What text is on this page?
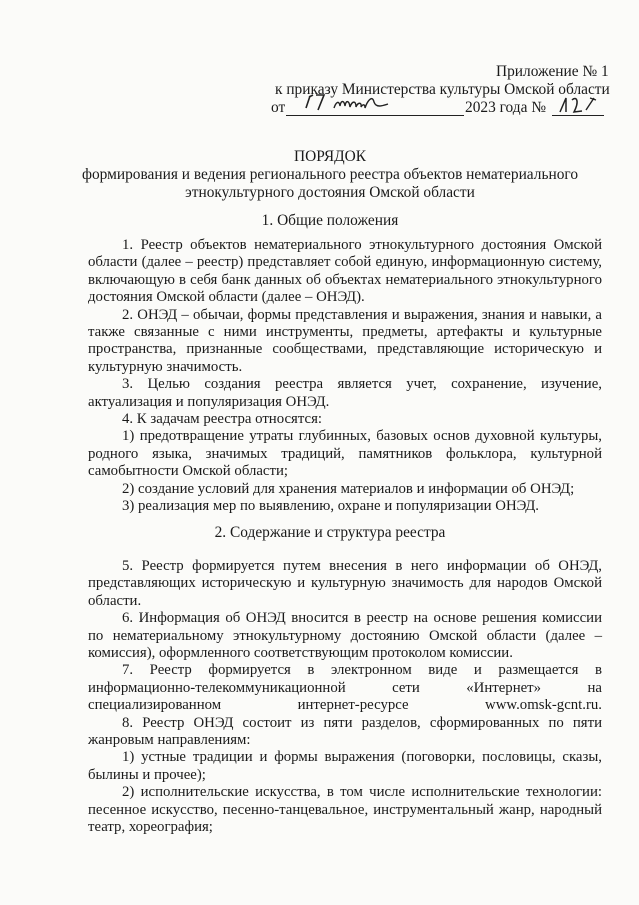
Приложение № 1
к приказу Министерства культуры Омской области
от	2023 года №
ПОРЯДОК
формирования и ведения регионального реестра объектов нематериального
этнокультурного достояния Омской области
1. Общие положения

1. Реестр объектов нематериального этнокультурного достояния Омской области (далее – реестр) представляет собой единую, информационную систему, включающую в себя банк данных об объектах нематериального этнокультурного достояния Омской области (далее – ОНЭД).

2. ОНЭД – обычаи, формы представления и выражения, знания и навыки, а также связанные с ними инструменты, предметы, артефакты и культурные пространства, признанные сообществами, представляющие историческую и культурную значимость.

3. Целью создания реестра является учет, сохранение, изучение, актуализация и популяризация ОНЭД.

4. К задачам реестра относятся:

1) предотвращение утраты глубинных, базовых основ духовной культуры, родного языка, значимых традиций, памятников фольклора, культурной самобытности Омской области;

2) создание условий для хранения материалов и информации об ОНЭД;

3) реализация мер по выявлению, охране и популяризации ОНЭД.

2. Содержание и структура реестра

5. Реестр формируется путем внесения в него информации об ОНЭД, представляющих историческую и культурную значимость для народов Омской области.

6. Информация об ОНЭД вносится в реестр на основе решения комиссии по нематериальному этнокультурному достоянию Омской области (далее – комиссия), оформленного соответствующим протоколом комиссии.

7. Реестр формируется в электронном виде и размещается в информационно-телекоммуникационной сети «Интернет» на специализированном интернет-ресурсе www.omsk-gcnt.ru.

8. Реестр ОНЭД состоит из пяти разделов, сформированных по пяти жанровым направлениям:

1) устные традиции и формы выражения (поговорки, пословицы, сказы, былины и прочее);

2) исполнительские искусства, в том числе исполнительские технологии: песенное искусство, песенно-танцевальное, инструментальный жанр, народный театр, хореография;
